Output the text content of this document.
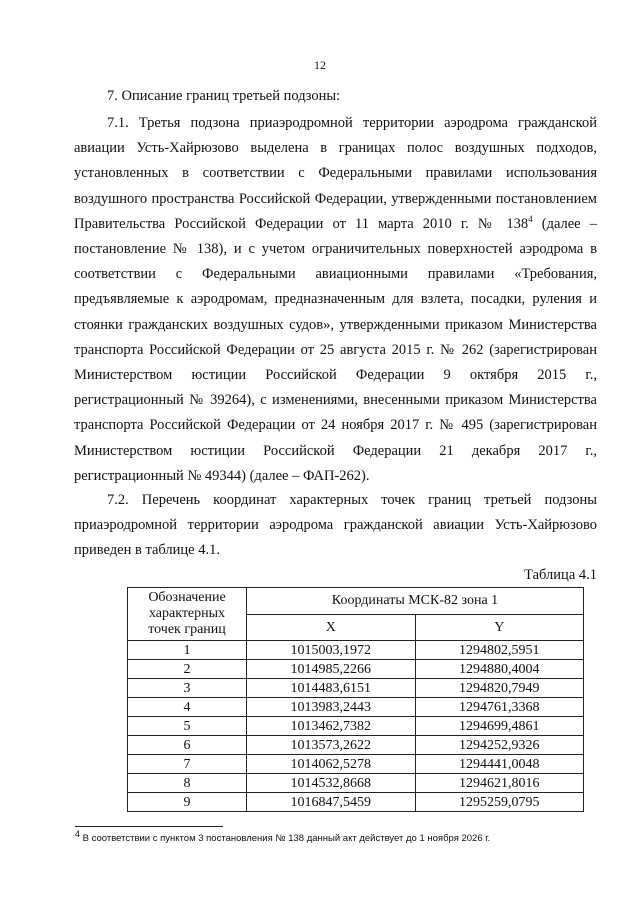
12
7. Описание границ третьей подзоны:

7.1. Третья подзона приаэродромной территории аэродрома гражданской авиации Усть-Хайрюзово выделена в границах полос воздушных подходов, установленных в соответствии с Федеральными правилами использования воздушного пространства Российской Федерации, утвержденными постановлением Правительства Российской Федерации от 11 марта 2010 г. № $138^4$ (далее – постановление № 138), и с учетом ограничительных поверхностей аэродрома в соответствии с Федеральными авиационными правилами «Требования, предъявляемые к аэродромам, предназначенным для взлета, посадки, руления и стоянки гражданских воздушных судов», утвержденными приказом Министерства транспорта Российской Федерации от 25 августа 2015 г. № 262 (зарегистрирован Министерством юстиции Российской Федерации 9 октября 2015 г., регистрационный № 39264), с изменениями, внесенными приказом Министерства транспорта Российской Федерации от 24 ноября 2017 г. № 495 (зарегистрирован Министерством юстиции Российской Федерации 21 декабря 2017 г., регистрационный № 49344) (далее – ФАП-262).

7.2. Перечень координат характерных точек границ третьей подзоны приаэродромной территории аэродрома гражданской авиации Усть-Хайрюзово приведен в таблице 4.1.

Таблица 4.1
Обозначение характерных точек границ	Координаты МСК-82 зона 1	
	X	Y
1	1015003,1972	1294802,5951
2	1014985,2266	1294880,4004
3	1014483,6151	1294820,7949
4	1013983,2443	1294761,3368
5	1013462,7382	1294699,4861
6	1013573,2622	1294252,9326
7	1014062,5278	1294441,0048
8	1014532,8668	1294621,8016
9	1016847,5459	1295259,0795
$^4$ В соответствии с пунктом 3 постановления № 138 данный акт действует до 1 ноября 2026 г.
